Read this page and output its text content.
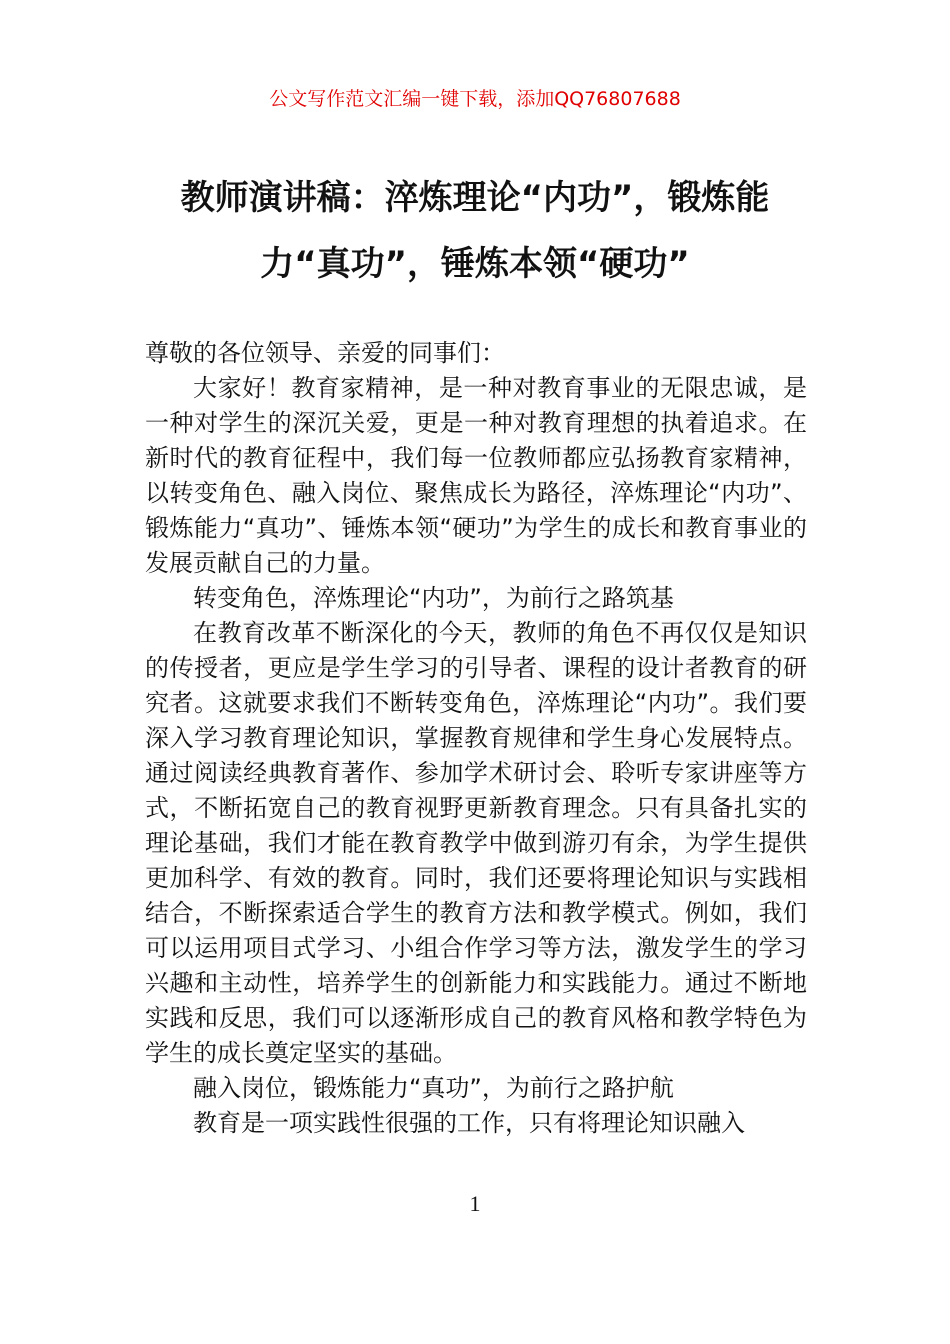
公文写作范文汇编一键下载，添加QQ76807688
教师演讲稿：淬炼理论“内功”，锻炼能
力“真功”，锤炼本领“硬功”

尊敬的各位领导、亲爱的同事们：

大家好！教育家精神，是一种对教育事业的无限忠诚，是一种对学生的深沉关爱，更是一种对教育理想的执着追求。在新时代的教育征程中，我们每一位教师都应弘扬教育家精神，以转变角色、融入岗位、聚焦成长为路径，淬炼理论“内功”、锻炼能力“真功”、锤炼本领“硬功”为学生的成长和教育事业的发展贡献自己的力量。

转变角色，淬炼理论“内功”，为前行之路筑基

在教育改革不断深化的今天，教师的角色不再仅仅是知识的传授者，更应是学生学习的引导者、课程的设计者教育的研究者。这就要求我们不断转变角色，淬炼理论“内功”。我们要深入学习教育理论知识，掌握教育规律和学生身心发展特点。通过阅读经典教育著作、参加学术研讨会、聆听专家讲座等方式，不断拓宽自己的教育视野更新教育理念。只有具备扎实的理论基础，我们才能在教育教学中做到游刃有余，为学生提供更加科学、有效的教育。同时，我们还要将理论知识与实践相结合，不断探索适合学生的教育方法和教学模式。例如，我们可以运用项目式学习、小组合作学习等方法，激发学生的学习兴趣和主动性，培养学生的创新能力和实践能力。通过不断地实践和反思，我们可以逐渐形成自己的教育风格和教学特色为学生的成长奠定坚实的基础。

融入岗位，锻炼能力“真功”，为前行之路护航

教育是一项实践性很强的工作，只有将理论知识融入

1
